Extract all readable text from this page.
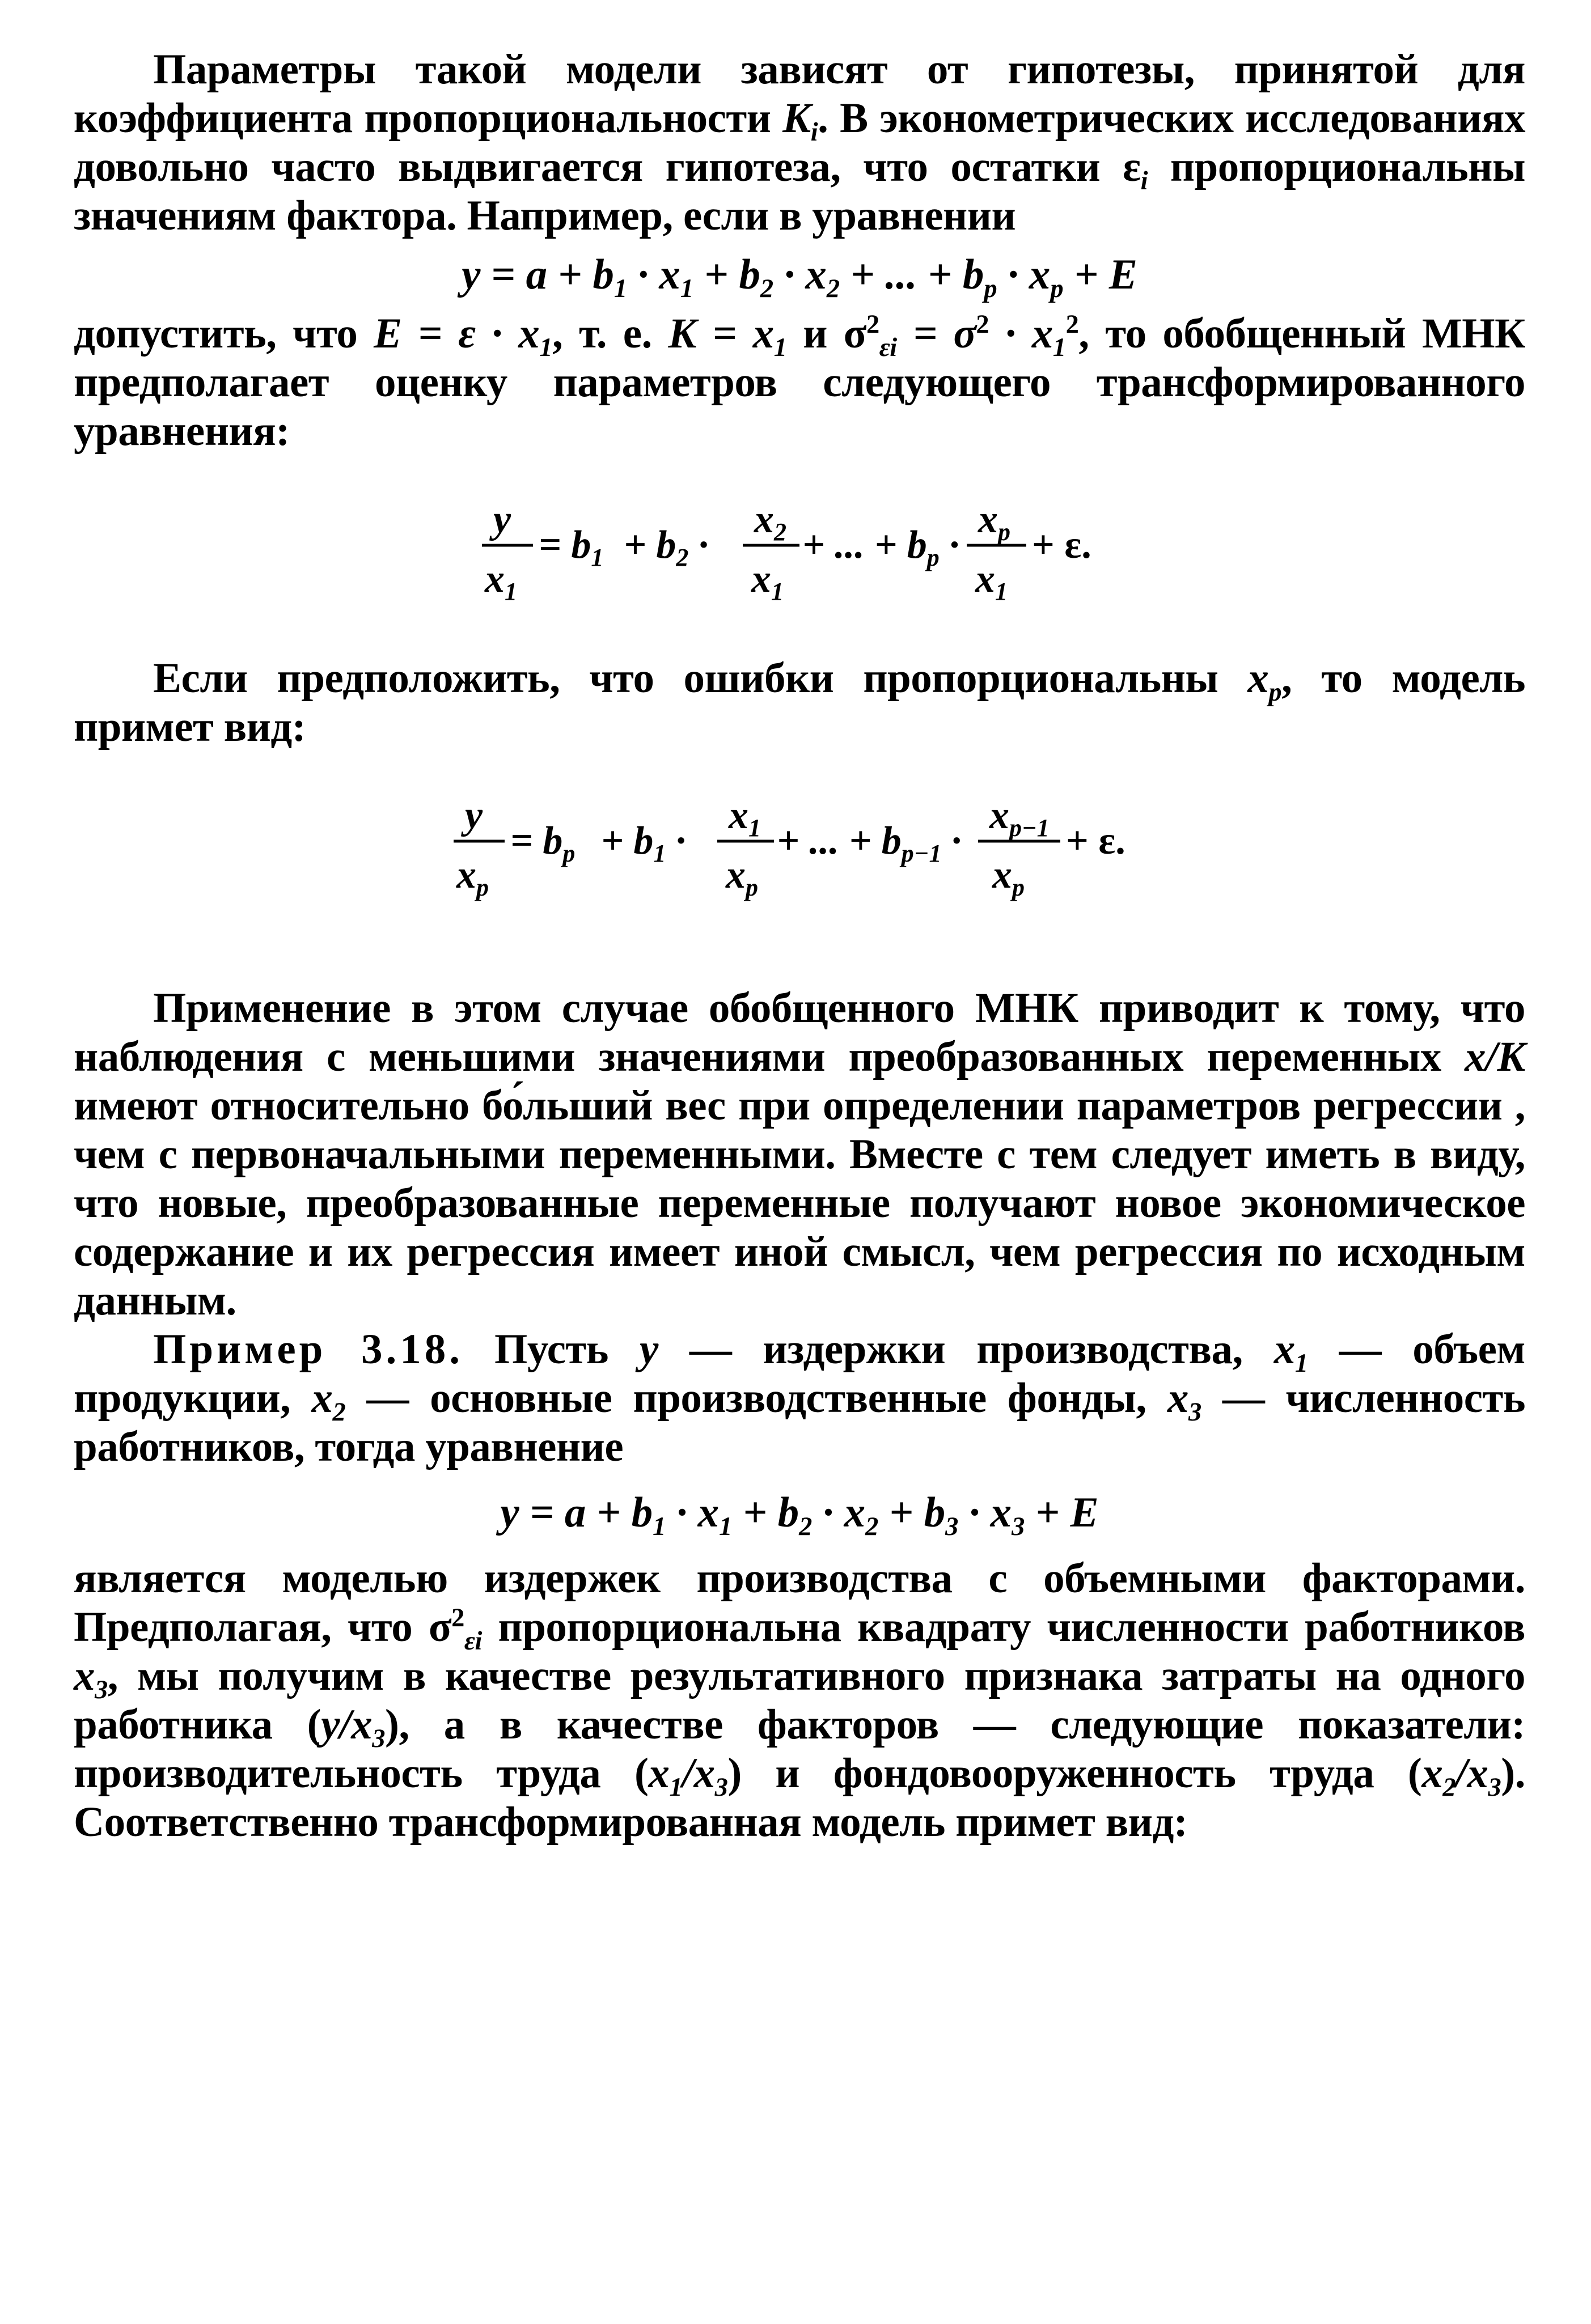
Параметры такой модели зависят от гипотезы, принятой для коэффициента пропорциональности Ki. В эконометрических исследованиях довольно часто выдвигается гипотеза, что остатки εi пропорциональны значениям фактора. Например, если в уравнении

y = a + b1 · x1 + b2 · x2 + ... + bp · xp + E

допустить, что E = ε · x1, т. е. K = x1 и $\sigma^2\varepsilon i = \sigma^2 \cdot x1^2$, то обобщенный МНК предполагает оценку параметров следующего трансформированного уравнения:

y
$x_1$
= $b_1 + b_2$ ·
$x_2$
$x_1$
+ ... + $b_p$ ·
$x_p$
$x_1$
+ ε.

Если предположить, что ошибки пропорциональны xp, то модель примет вид:

y
$x_p$
= $b_p + b_1$ ·
$x_1$
$x_p$
+ ... + $b_{p-1}$ ·
$x_{p-1}$
$x_p$
+ ε.

Применение в этом случае обобщенного МНК приводит к тому, что наблюдения с меньшими значениями преобразованных переменных x/K имеют относительно бо́льший вес при определении параметров регрессии , чем с первоначальными переменными. Вместе с тем следует иметь в виду, что новые, преобразованные переменные получают новое экономическое содержание и их регрессия имеет иной смысл, чем регрессия по исходным данным.

Пример 3.18. Пусть y — издержки производства, x1 — объем продукции, x2 — основные производственные фонды, x3 — численность работников, тогда уравнение

y = a + b1 · x1 + b2 · x2 + b3 · x3 + E

является моделью издержек производства с объемными факторами. Предполагая, что $\sigma^2\varepsilon i$ пропорциональна квадрату численности работников x3, мы получим в качестве результативного признака затраты на одного работника (y/x3), а в качестве факторов — следующие показатели: производительность труда (x1/x3) и фондовооруженность труда (x2/x3). Соответственно трансформированная модель примет вид:
